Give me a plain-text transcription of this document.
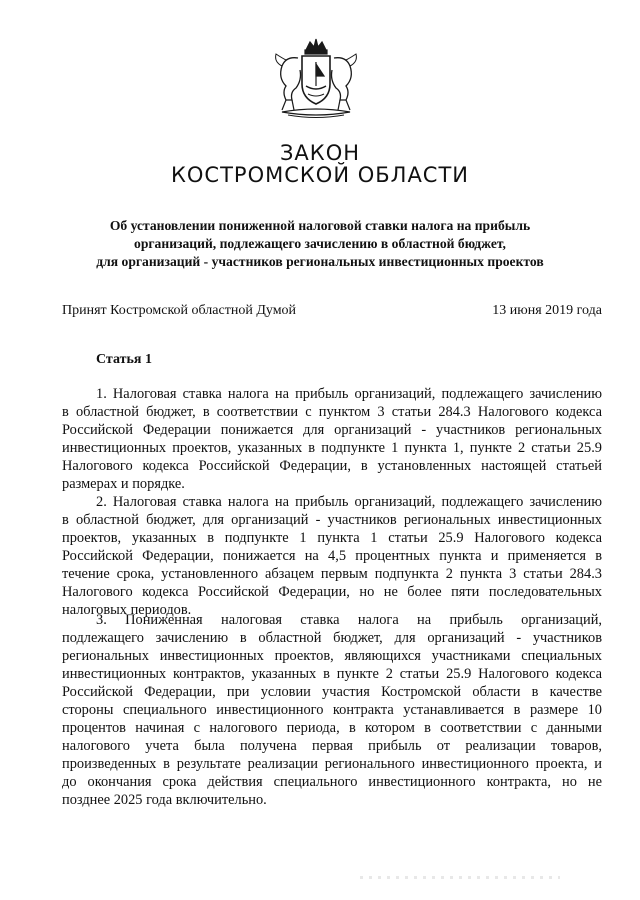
ЗАКОН
КОСТРОМСКОЙ ОБЛАСТИ
Об установлении пониженной налоговой ставки налога на прибыль
организаций, подлежащего зачислению в областной бюджет,
для организаций - участников региональных инвестиционных проектов
Принят Костромской областной Думой	13 июня 2019 года
Статья 1
1. Налоговая ставка налога на прибыль организаций, подлежащего зачислению
в областной бюджет, в соответствии с пунктом 3 статьи 284.3 Налогового кодекса
Российской Федерации понижается для организаций - участников региональных
инвестиционных проектов, указанных в подпункте 1 пункта 1, пункте 2 статьи 25.9
Налогового кодекса Российской Федерации, в установленных настоящей статьей
размерах и порядке.
2. Налоговая ставка налога на прибыль организаций, подлежащего зачислению
в областной бюджет, для организаций - участников региональных инвестиционных
проектов, указанных в подпункте 1 пункта 1 статьи 25.9 Налогового кодекса
Российской Федерации, понижается на 4,5 процентных пункта и применяется в
течение срока, установленного абзацем первым подпункта 2 пункта 3 статьи 284.3
Налогового кодекса Российской Федерации, но не более пяти последовательных
налоговых периодов.
3. Пониженная налоговая ставка налога на прибыль организаций,
подлежащего зачислению в областной бюджет, для организаций - участников
региональных инвестиционных проектов, являющихся участниками специальных
инвестиционных контрактов, указанных в пункте 2 статьи 25.9 Налогового кодекса
Российской Федерации, при условии участия Костромской области в качестве
стороны специального инвестиционного контракта устанавливается в размере 10
процентов начиная с налогового периода, в котором в соответствии с данными
налогового учета была получена первая прибыль от реализации товаров,
произведенных в результате реализации регионального инвестиционного проекта, и
до окончания срока действия специального инвестиционного контракта, но не
позднее 2025 года включительно.
